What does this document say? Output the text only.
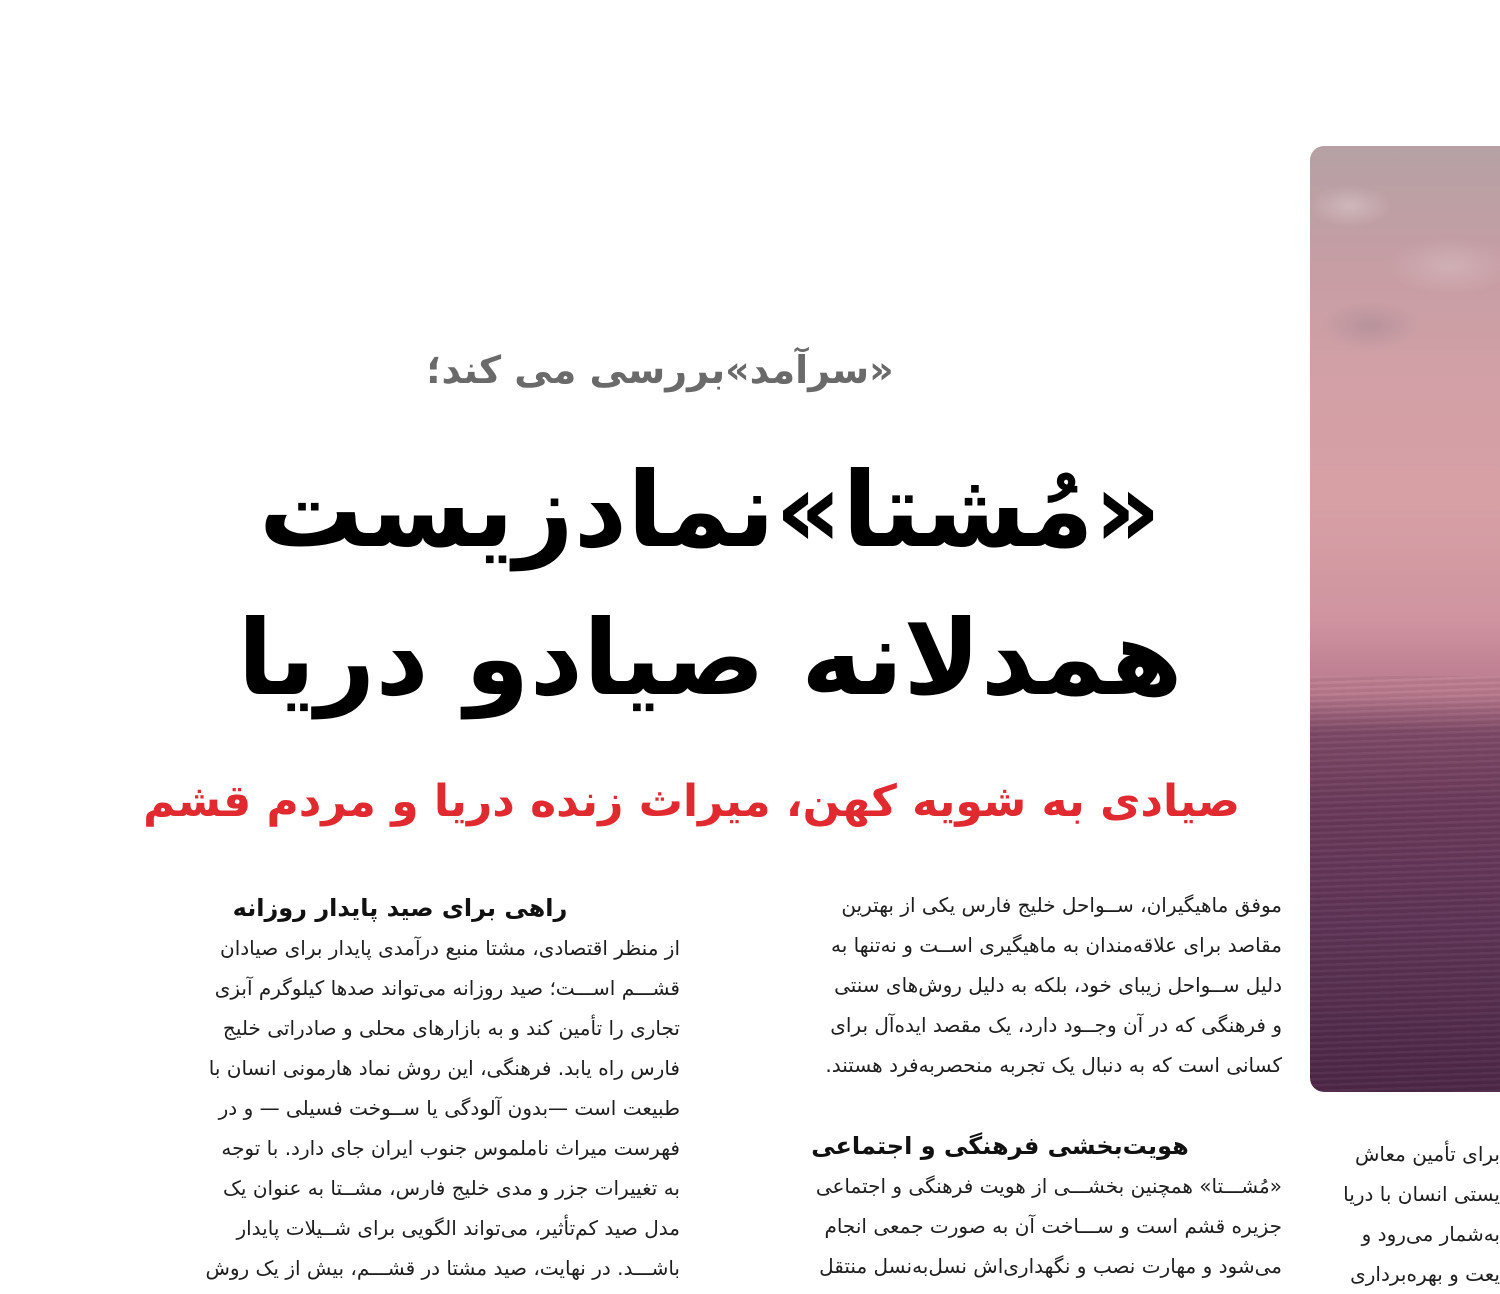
«سرآمد»بررسی می کند؛
«مُشتا»نمادزیست
همدلانه صیادو دریا
صیادی به شویه کهن، میراث زنده دریا و مردم قشم
راهی برای صید پایدار روزانه
از منظر اقتصادی، مشتا منبع درآمدی پایدار برای صیادان
قشـــم اســـت؛ صید روزانه می‌تواند صدها کیلوگرم آبزی
تجاری را تأمین کند و به بازارهای محلی و صادراتی خلیج
فارس راه یابد. فرهنگی، این روش نماد هارمونی انسان با
طبیعت است —بدون آلودگی یا ســوخت فسیلی — و در
فهرست میراث ناملموس جنوب ایران جای دارد. با توجه
به تغییرات جزر و مدی خلیج فارس، مشــتا به عنوان یک
مدل صید کم‌تأثیر، می‌تواند الگویی برای شــیلات پایدار
باشـــد. در نهایت، صید مشتا در قشـــم، بیش از یک روش
موفق ماهیگیران، ســواحل خلیج فارس یکی از بهترین
مقاصد برای علاقه‌مندان به ماهیگیری اســت و نه‌تنها به
دلیل ســواحل زیبای خود، بلکه به دلیل روش‌های سنتی
و فرهنگی که در آن وجــود دارد، یک مقصد ایده‌آل برای
کسانی است که به دنبال یک تجربه منحصربه‌فرد هستند.
هویت‌بخشی فرهنگی و اجتماعی
«مُشـــتا» همچنین بخشـــی از هویت فرهنگی و اجتماعی
جزیره قشم است و ســـاخت آن به صورت جمعی انجام
می‌شود و مهارت نصب و نگهداری‌اش نسل‌به‌نسل منتقل
برای تأمین معاش
یستی انسان با دریا
به‌شمار می‌رود و
یعت و بهره‌برداری
